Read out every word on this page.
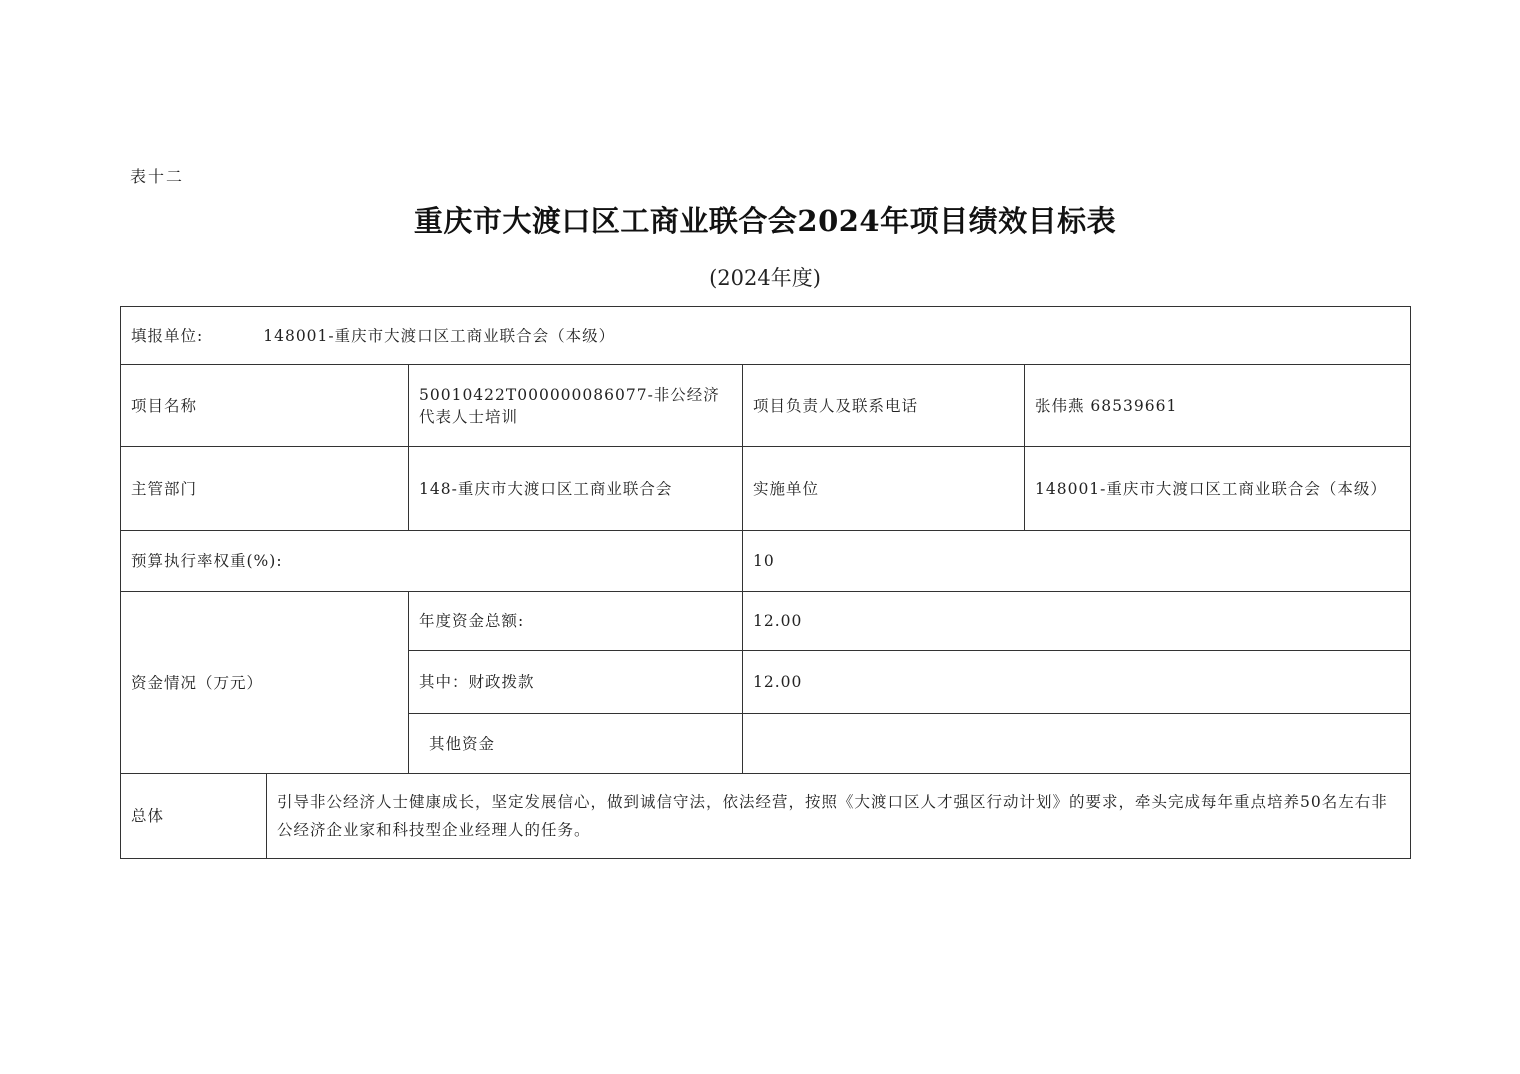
表十二
重庆市大渡口区工商业联合会2024年项目绩效目标表
(2024年度)
填报单位: 148001-重庆市大渡口区工商业联合会（本级）				
项目名称		50010422T000000086077-非公经济代表人士培训	项目负责人及联系电话	张伟燕 68539661
主管部门		148-重庆市大渡口区工商业联合会	实施单位	148001-重庆市大渡口区工商业联合会（本级）
预算执行率权重(%):			10	
资金情况（万元）		年度资金总额:	12.00	
		其中：财政拨款	12.00	
		其他资金		
总体	引导非公经济人士健康成长，坚定发展信心，做到诚信守法，依法经营，按照《大渡口区人才强区行动计划》的要求，牵头完成每年重点培养50名左右非公经济企业家和科技型企业经理人的任务。			
